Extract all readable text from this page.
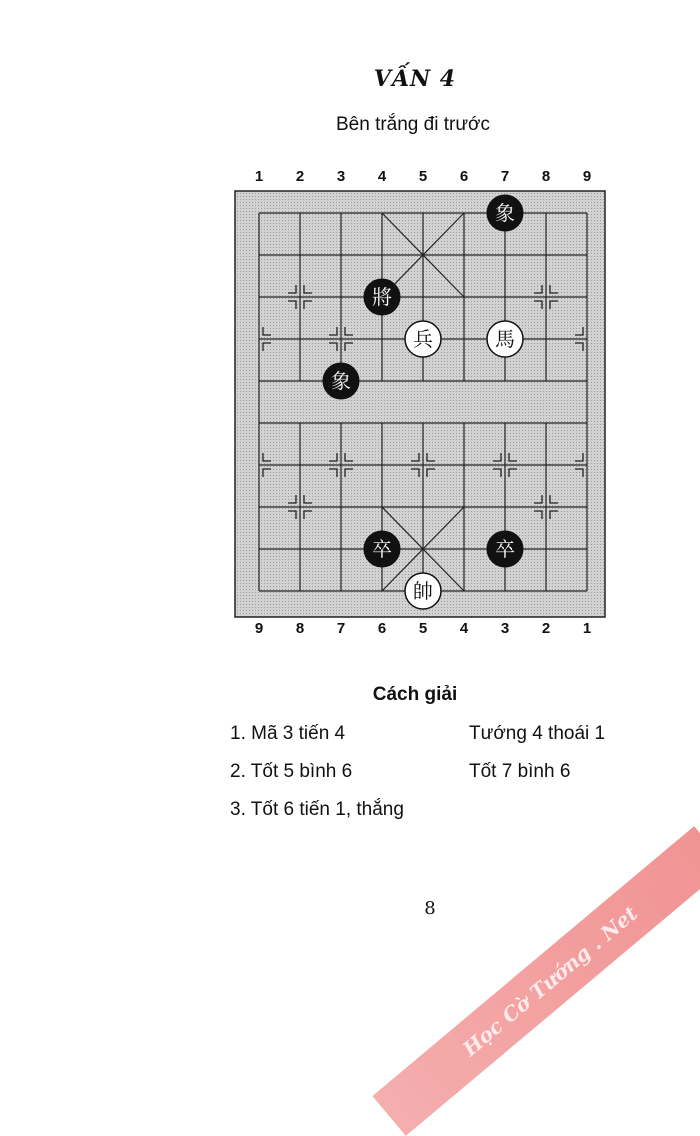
VẤN 4
Bên trắng đi trước
1	2	3	4	5	6	7	8	9
象
將
兵	馬
象
卒	卒
帥
9	8	7	6	5	4	3	2	1
Cách giải
1. Mã 3 tiến 4	Tướng 4 thoái 1
2. Tốt 5 bình 6	Tốt 7 bình 6
3. Tốt 6 tiến 1, thắng
8	Học Cờ Tướng . Net
